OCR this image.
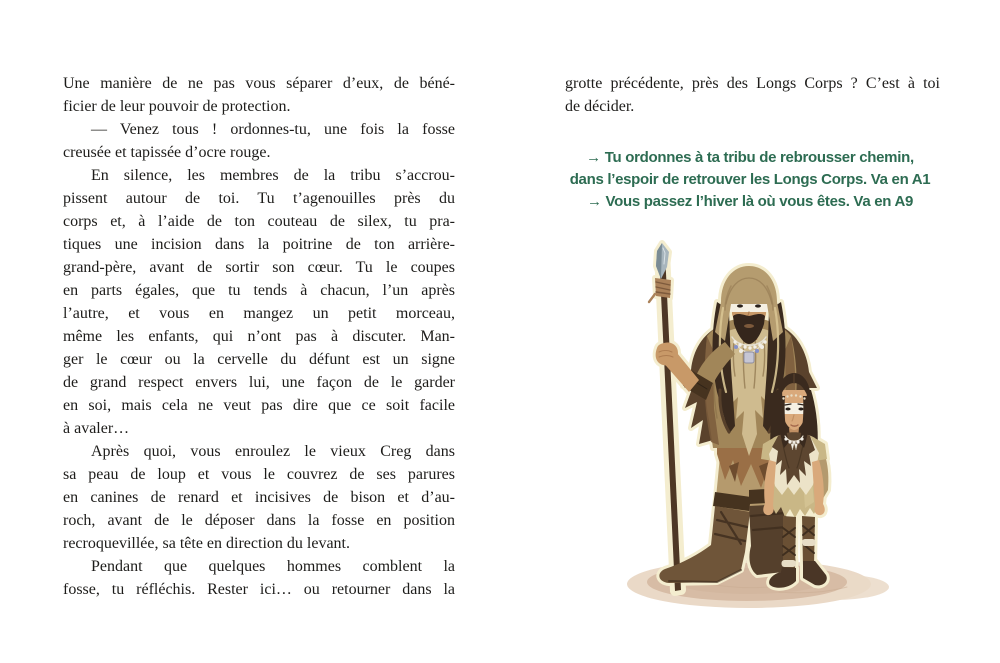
Une manière de ne pas vous séparer d’eux, de béné-
ficier de leur pouvoir de protection.
— Venez tous ! ordonnes-tu, une fois la fosse
creusée et tapissée d’ocre rouge.
En silence, les membres de la tribu s’accrou-
pissent autour de toi. Tu t’agenouilles près du
corps et, à l’aide de ton couteau de silex, tu pra-
tiques une incision dans la poitrine de ton arrière-
grand-père, avant de sortir son cœur. Tu le coupes
en parts égales, que tu tends à chacun, l’un après
l’autre, et vous en mangez un petit morceau,
même les enfants, qui n’ont pas à discuter. Man-
ger le cœur ou la cervelle du défunt est un signe
de grand respect envers lui, une façon de le garder
en soi, mais cela ne veut pas dire que ce soit facile
à avaler…
Après quoi, vous enroulez le vieux Creg dans
sa peau de loup et vous le couvrez de ses parures
en canines de renard et incisives de bison et d’au-
roch, avant de le déposer dans la fosse en position
recroquevillée, sa tête en direction du levant.
Pendant que quelques hommes comblent la
fosse, tu réfléchis. Rester ici… ou retourner dans la
grotte précédente, près des Longs Corps ? C’est à toi
de décider.
→ Tu ordonnes à ta tribu de rebrousser chemin,
dans l’espoir de retrouver les Longs Corps. Va en A1
→ Vous passez l’hiver là où vous êtes. Va en A9
